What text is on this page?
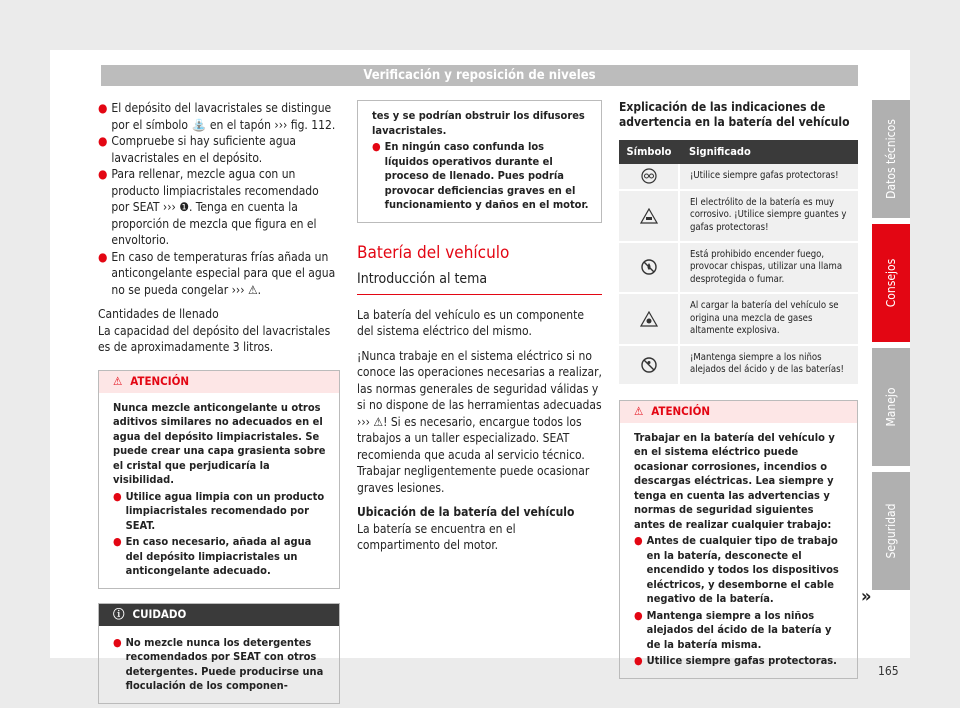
Verificación y reposición de niveles
● El depósito del lavacristales se distingue por el símbolo ⛲ en el tapón ››› fig. 112.
● Compruebe si hay suficiente agua lavacristales en el depósito.
● Para rellenar, mezcle agua con un producto limpiacristales recomendado por SEAT ››› ❶. Tenga en cuenta la proporción de mezcla que figura en el envoltorio.
● En caso de temperaturas frías añada un anticongelante especial para que el agua no se pueda congelar ››› ⚠.
Cantidades de llenado

La capacidad del depósito del lavacristales es de aproximadamente 3 litros.

⚠ ATENCIÓN
Nunca mezcle anticongelante u otros aditivos similares no adecuados en el agua del depósito limpiacristales. Se puede crear una capa grasienta sobre el cristal que perjudicaría la visibilidad.
● Utilice agua limpia con un producto limpiacristales recomendado por SEAT.
● En caso necesario, añada al agua del depósito limpiacristales un anticongelante adecuado.
ⓘ CUIDADO
● No mezcle nunca los detergentes recomendados por SEAT con otros detergentes. Puede producirse una floculación de los componen-
tes y se podrían obstruir los difusores lavacristales.
● En ningún caso confunda los líquidos operativos durante el proceso de llenado. Pues podría provocar deficiencias graves en el funcionamiento y daños en el motor.
Batería del vehículo
Introducción al tema

La batería del vehículo es un componente del sistema eléctrico del mismo.

¡Nunca trabaje en el sistema eléctrico si no conoce las operaciones necesarias a realizar, las normas generales de seguridad válidas y si no dispone de las herramientas adecuadas ››› ⚠! Si es necesario, encargue todos los trabajos a un taller especializado. SEAT recomienda que acuda al servicio técnico. Trabajar negligentemente puede ocasionar graves lesiones.

Ubicación de la batería del vehículo

La batería se encuentra en el compartimento del motor.

Explicación de las indicaciones de advertencia en la batería del vehículo
Símbolo	Significado

	¡Utilice siempre gafas protectoras!

	El electrólito de la batería es muy corrosivo. ¡Utilice siempre guantes y gafas protectoras!

	Está prohibido encender fuego, provocar chispas, utilizar una llama desprotegida o fumar.

	Al cargar la batería del vehículo se origina una mezcla de gases altamente explosiva.

	¡Mantenga siempre a los niños alejados del ácido y de las baterías!
⚠ ATENCIÓN
Trabajar en la batería del vehículo y en el sistema eléctrico puede ocasionar corrosiones, incendios o descargas eléctricas. Lea siempre y tenga en cuenta las advertencias y normas de seguridad siguientes antes de realizar cualquier trabajo:
● Antes de cualquier tipo de trabajo en la batería, desconecte el encendido y todos los dispositivos eléctricos, y desemborne el cable negativo de la batería.
● Mantenga siempre a los niños alejados del ácido de la batería y de la batería misma.
● Utilice siempre gafas protectoras.
»
Datos técnicos
Consejos
Manejo
Seguridad
165
